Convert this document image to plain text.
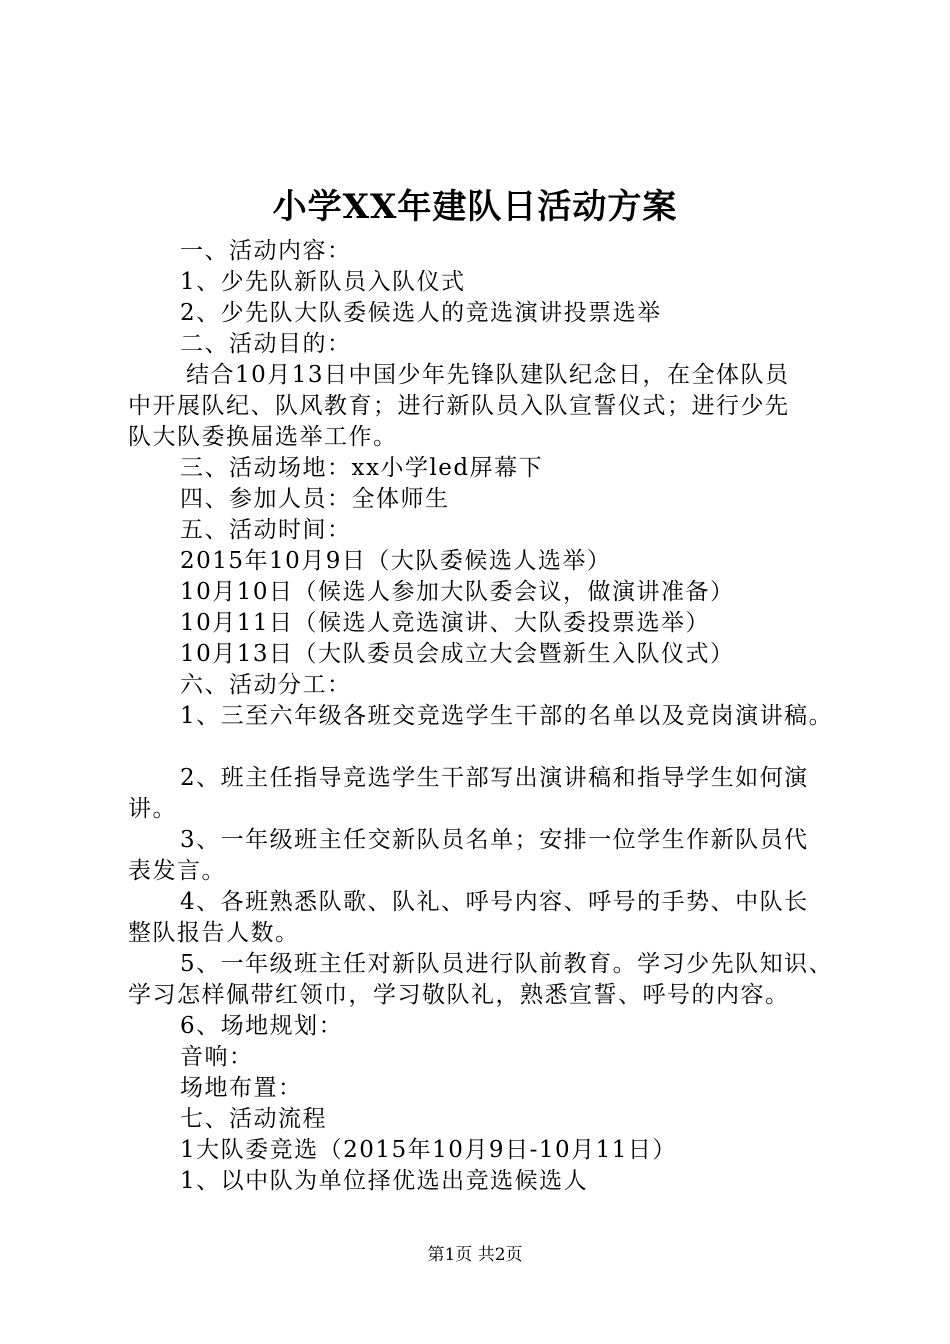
小学XX年建队日活动方案
一、活动内容：
1、少先队新队员入队仪式
2、少先队大队委候选人的竞选演讲投票选举
二、活动目的：
结合10月13日中国少年先锋队建队纪念日，在全体队员
中开展队纪、队风教育；进行新队员入队宣誓仪式；进行少先
队大队委换届选举工作。
三、活动场地：xx小学led屏幕下
四、参加人员：全体师生
五、活动时间：
2015年10月9日（大队委候选人选举）
10月10日（候选人参加大队委会议，做演讲准备）
10月11日（候选人竞选演讲、大队委投票选举）
10月13日（大队委员会成立大会暨新生入队仪式）
六、活动分工：
1、三至六年级各班交竞选学生干部的名单以及竞岗演讲稿。
2、班主任指导竞选学生干部写出演讲稿和指导学生如何演
讲。
3、一年级班主任交新队员名单；安排一位学生作新队员代
表发言。
4、各班熟悉队歌、队礼、呼号内容、呼号的手势、中队长
整队报告人数。
5、一年级班主任对新队员进行队前教育。学习少先队知识、
学习怎样佩带红领巾，学习敬队礼，熟悉宣誓、呼号的内容。
6、场地规划：
音响：
场地布置：
七、活动流程
1大队委竞选（2015年10月9日-10月11日）
1、以中队为单位择优选出竞选候选人
第1页 共2页
